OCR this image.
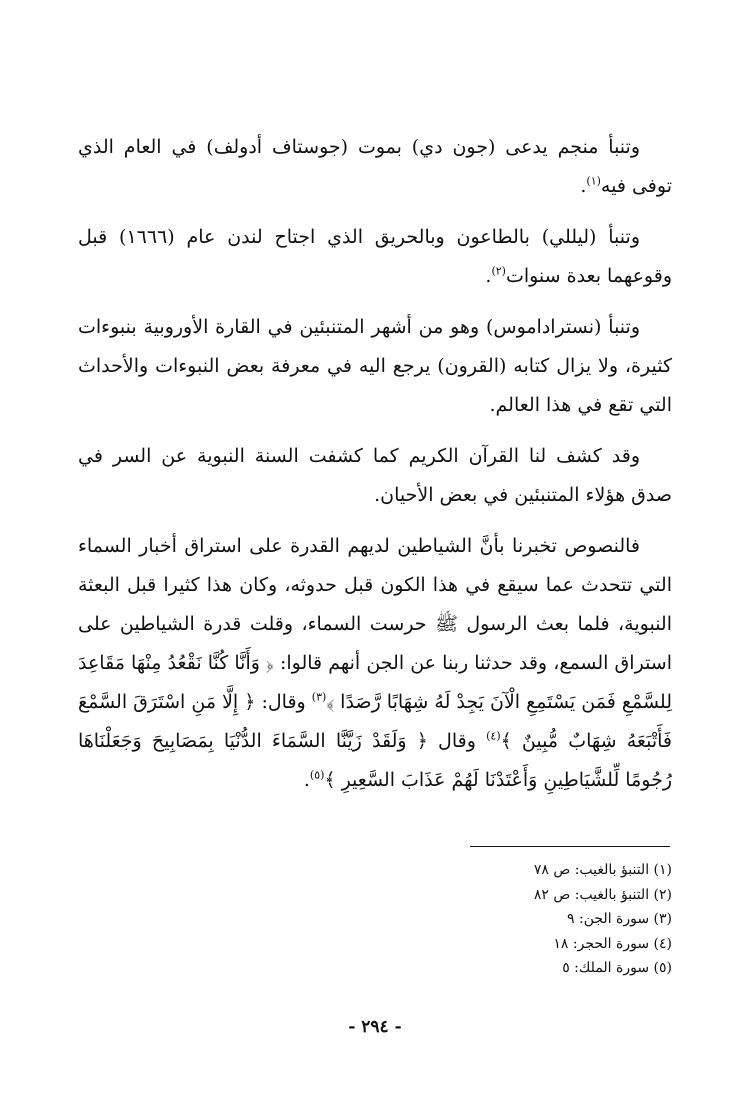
وتنبأ منجم يدعى (جون دي) بموت (جوستاف أدولف) في العام الذي توفى فيه$^{(١)}$.

وتنبأ (ليللي) بالطاعون وبالحريق الذي اجتاح لندن عام (١٦٦٦) قبل وقوعهما بعدة سنوات$^{(٢)}$.

وتنبأ (نسترادامو‏س) وهو من أشهر المتنبئين في القارة الأوروبية بنبوءات كثيرة، ولا يزال كتابه (القرون) يرجع اليه في معرفة بعض النبوءات والأحداث التي تقع في هذا العالم.

وقد كشف لنا القرآن الكريم كما كشفت السنة النبوية عن السر في صدق هؤلاء المتنبئين في بعض الأحيان.

فالنصوص تخبرنا بأنَّ الشياطين لديهم القدرة على استراق أخبار السماء التي تتحدث عما سيقع في هذا الكون قبل حدوثه، وكان هذا كثيرا قبل البعثة النبوية، فلما بعث الرسول ﷺ حرست السماء، وقلت قدرة الشياطين على استراق السمع، وقد حدثنا ربنا عن الجن أنهم قالوا: ﴿ وَأَنَّا كُنَّا نَقْعُدُ مِنْهَا مَقَاعِدَ لِلسَّمْعِ فَمَن يَسْتَمِعِ الْآنَ يَجِدْ لَهُ شِهَابًا رَّصَدًا ﴾$^{(٣)}$ وقال: ﴿ إِلَّا مَنِ اسْتَرَقَ السَّمْعَ فَأَتْبَعَهُ شِهَابٌ مُّبِينٌ ﴾$^{(٤)}$ وقال ﴿ وَلَقَدْ زَيَّنَّا السَّمَاءَ الدُّنْيَا بِمَصَابِيحَ وَجَعَلْنَاهَا رُجُومًا لِّلشَّيَاطِينِ وَأَعْتَدْنَا لَهُمْ عَذَابَ السَّعِيرِ ﴾$^{(٥)}$.

(١) التنبؤ بالغيب: ص ٧٨
(٢) التنبؤ بالغيب: ص ٨٢
(٣) سورة الجن: ٩
(٤) سورة الحجر: ١٨
(٥) سورة الملك: ٥
- ٢٩٤ -
